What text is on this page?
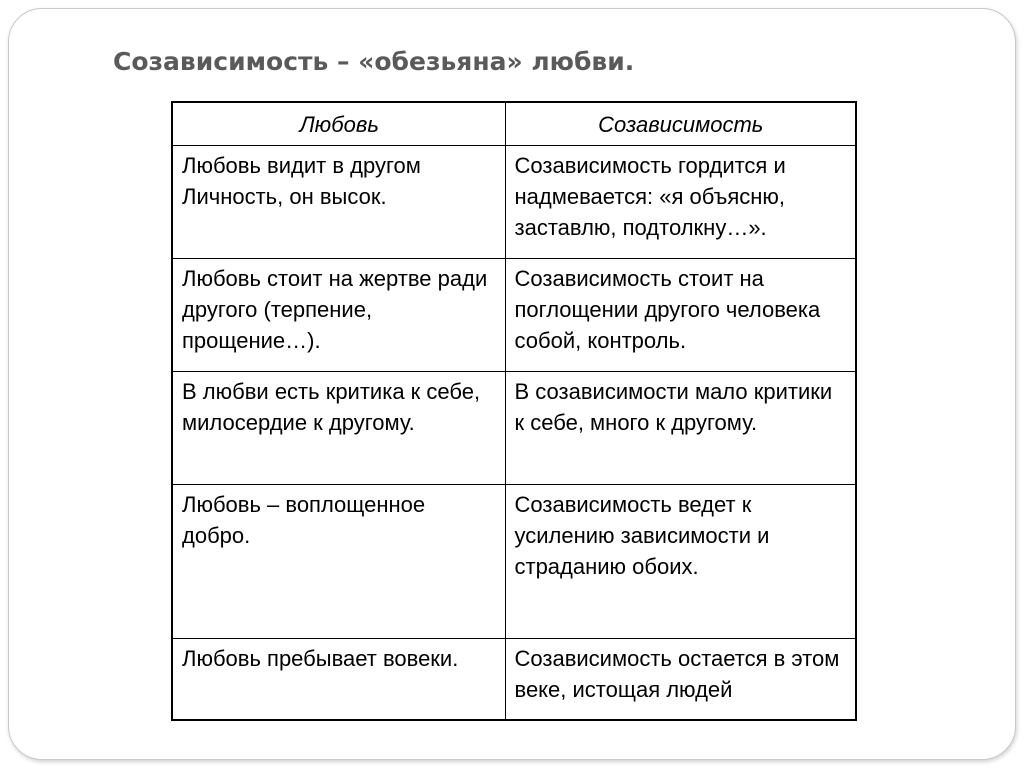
Созависимость – «обезьяна» любви.
Любовь	Созависимость
Любовь видит в другом Личность, он высок.	Созависимость гордится и надмевается: «я объясню, заставлю, подтолкну…».
Любовь стоит на жертве ради другого (терпение, прощение…).	Созависимость стоит на поглощении другого человека собой, контроль.
В любви есть критика к себе, милосердие к другому.	В созависимости мало критики к себе, много к другому.
Любовь – воплощенное добро.	Созависимость ведет к усилению зависимости и страданию обоих.
Любовь пребывает вовеки.	Созависимость остается в этом веке, истощая людей
